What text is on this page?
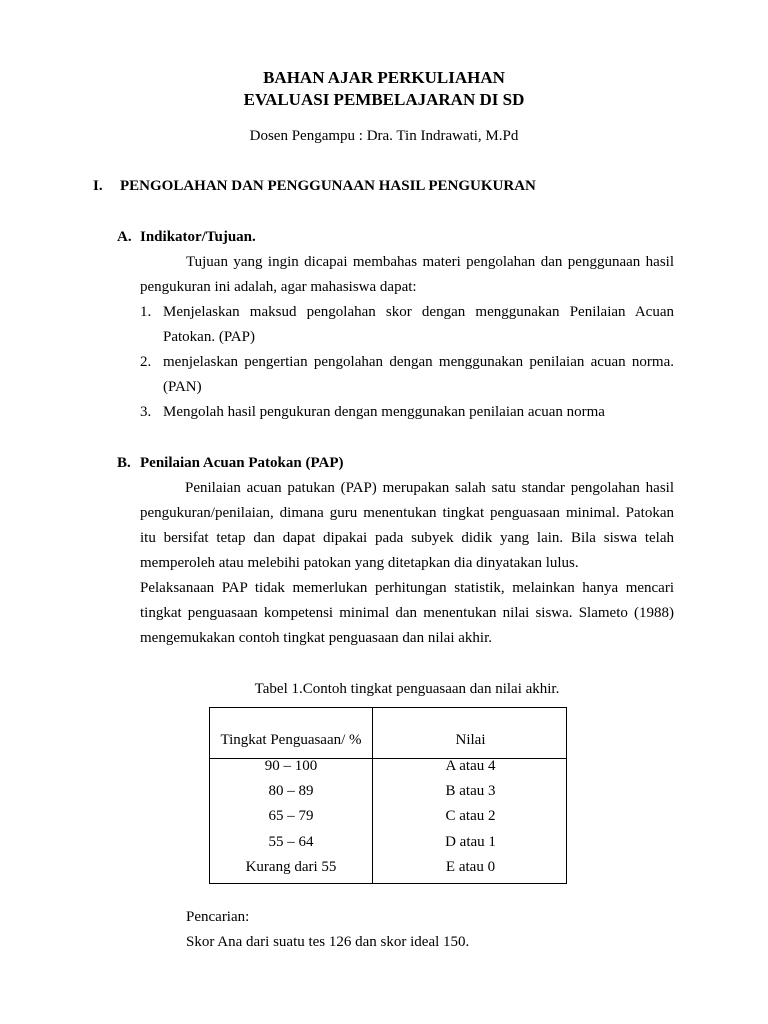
BAHAN AJAR PERKULIAHAN
EVALUASI PEMBELAJARAN DI SD
Dosen Pengampu : Dra. Tin Indrawati, M.Pd
I. PENGOLAHAN DAN PENGGUNAAN HASIL PENGUKURAN
A. Indikator/Tujuan.
Tujuan yang ingin dicapai membahas materi pengolahan dan penggunaan hasil
pengukuran ini adalah, agar mahasiswa dapat:
1. Menjelaskan maksud pengolahan skor dengan menggunakan Penilaian Acuan
Patokan. (PAP)
2. menjelaskan pengertian pengolahan dengan menggunakan penilaian acuan norma.
(PAN)
3. Mengolah hasil pengukuran dengan menggunakan penilaian acuan norma
B. Penilaian Acuan Patokan (PAP)
Penilaian acuan patukan (PAP) merupakan salah satu standar pengolahan hasil
pengukuran/penilaian, dimana guru menentukan tingkat penguasaan minimal. Patokan
itu bersifat tetap dan dapat dipakai pada subyek didik yang lain. Bila siswa telah
memperoleh atau melebihi patokan yang ditetapkan dia dinyatakan lulus.
Pelaksanaan PAP tidak memerlukan perhitungan statistik, melainkan hanya mencari
tingkat penguasaan kompetensi minimal dan menentukan nilai siswa. Slameto (1988)
mengemukakan contoh tingkat penguasaan dan nilai akhir.
Tabel 1.Contoh tingkat penguasaan dan nilai akhir.
Tingkat Penguasaan/ %	Nilai
90 – 100	A atau 4
80 – 89	B atau 3
65 – 79	C atau 2
55 – 64	D atau 1
Kurang dari 55	E atau 0
Pencarian:
Skor Ana dari suatu tes 126 dan skor ideal 150.
